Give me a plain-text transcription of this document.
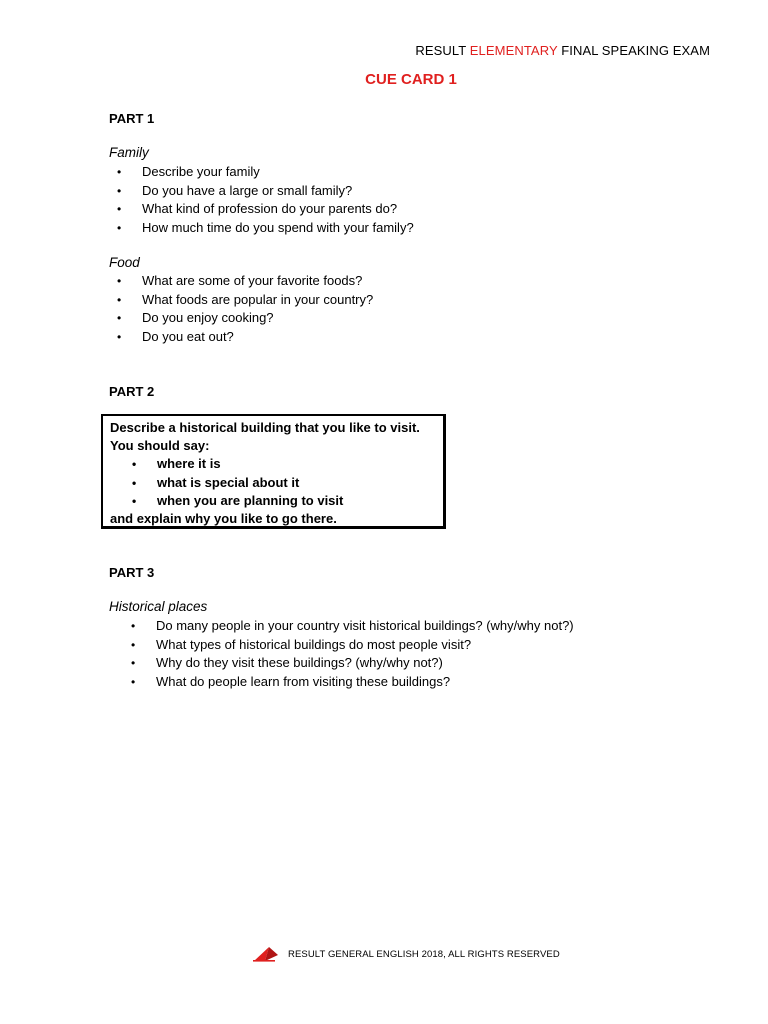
RESULT ELEMENTARY FINAL SPEAKING EXAM
CUE CARD 1
PART 1
Family
• Describe your family
• Do you have a large or small family?
• What kind of profession do your parents do?
• How much time do you spend with your family?
Food
• What are some of your favorite foods?
• What foods are popular in your country?
• Do you enjoy cooking?
• Do you eat out?
PART 2
Describe a historical building that you like to visit.
You should say:
• where it is
• what is special about it
• when you are planning to visit
and explain why you like to go there.
PART 3
Historical places
• Do many people in your country visit historical buildings? (why/why not?)
• What types of historical buildings do most people visit?
• Why do they visit these buildings? (why/why not?)
• What do people learn from visiting these buildings?
RESULT GENERAL ENGLISH 2018, ALL RIGHTS RESERVED
